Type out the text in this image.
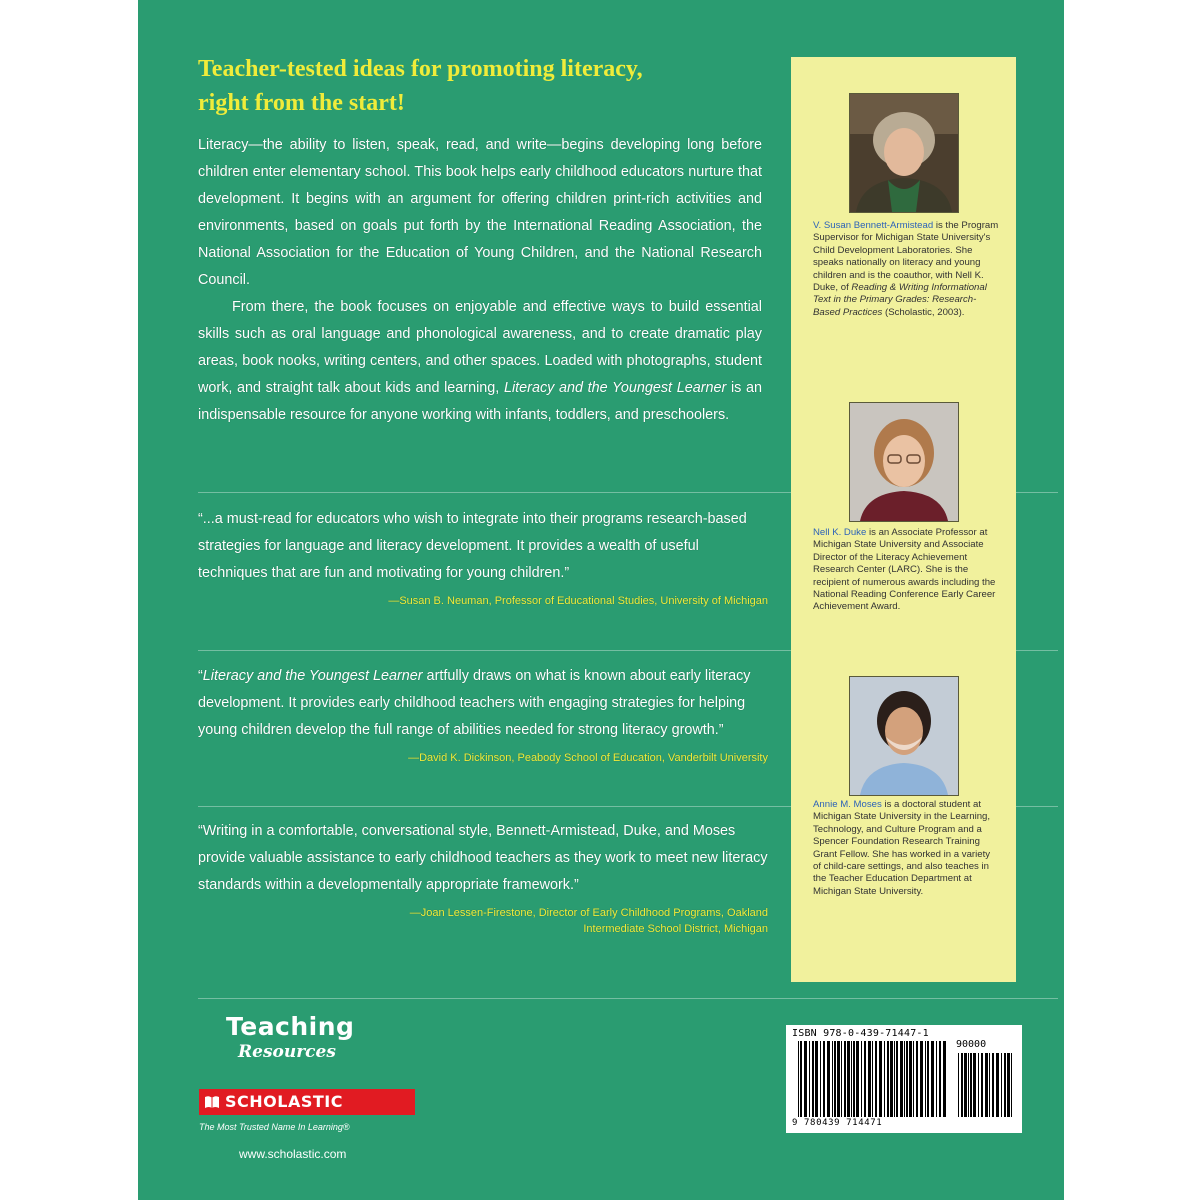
Teacher-tested ideas for promoting literacy,
right from the start!

Literacy—the ability to listen, speak, read, and write—begins developing long before children enter elementary school. This book helps early childhood educators nurture that development. It begins with an argument for offering children print-rich activities and environments, based on goals put forth by the International Reading Association, the National Association for the Education of Young Children, and the National Research Council.

From there, the book focuses on enjoyable and effective ways to build essential skills such as oral language and phonological awareness, and to create dramatic play areas, book nooks, writing centers, and other spaces. Loaded with photographs, student work, and straight talk about kids and learning, Literacy and the Youngest Learner is an indispensable resource for anyone working with infants, toddlers, and preschoolers.

“...a must-read for educators who wish to integrate into their programs research-based strategies for language and literacy development. It provides a wealth of useful techniques that are fun and motivating for young children.”

—Susan B. Neuman, Professor of Educational Studies, University of Michigan

“Literacy and the Youngest Learner artfully draws on what is known about early literacy development. It provides early childhood teachers with engaging strategies for helping young children develop the full range of abilities needed for strong literacy growth.”

—David K. Dickinson, Peabody School of Education, Vanderbilt University

“Writing in a comfortable, conversational style, Bennett-Armistead, Duke, and Moses provide valuable assistance to early childhood teachers as they work to meet new literacy standards within a developmentally appropriate framework.”

—Joan Lessen-Firestone, Director of Early Childhood Programs, Oakland
Intermediate School District, Michigan

V. Susan Bennett-Armistead is the Program Supervisor for Michigan State University's Child Development Laboratories. She speaks nationally on literacy and young children and is the coauthor, with Nell K. Duke, of Reading & Writing Informational Text in the Primary Grades: Research-Based Practices (Scholastic, 2003).

Nell K. Duke is an Associate Professor at Michigan State University and Associate Director of the Literacy Achievement Research Center (LARC). She is the recipient of numerous awards including the National Reading Conference Early Career Achievement Award.

Annie M. Moses is a doctoral student at Michigan State University in the Learning, Technology, and Culture Program and a Spencer Foundation Research Training Grant Fellow. She has worked in a variety of child-care settings, and also teaches in the Teacher Education Department at Michigan State University.

Teaching
Resources
SCHOLASTIC
The Most Trusted Name In Learning®
www.scholastic.com
ISBN 978-0-439-71447-1
90000
9 780439 714471
